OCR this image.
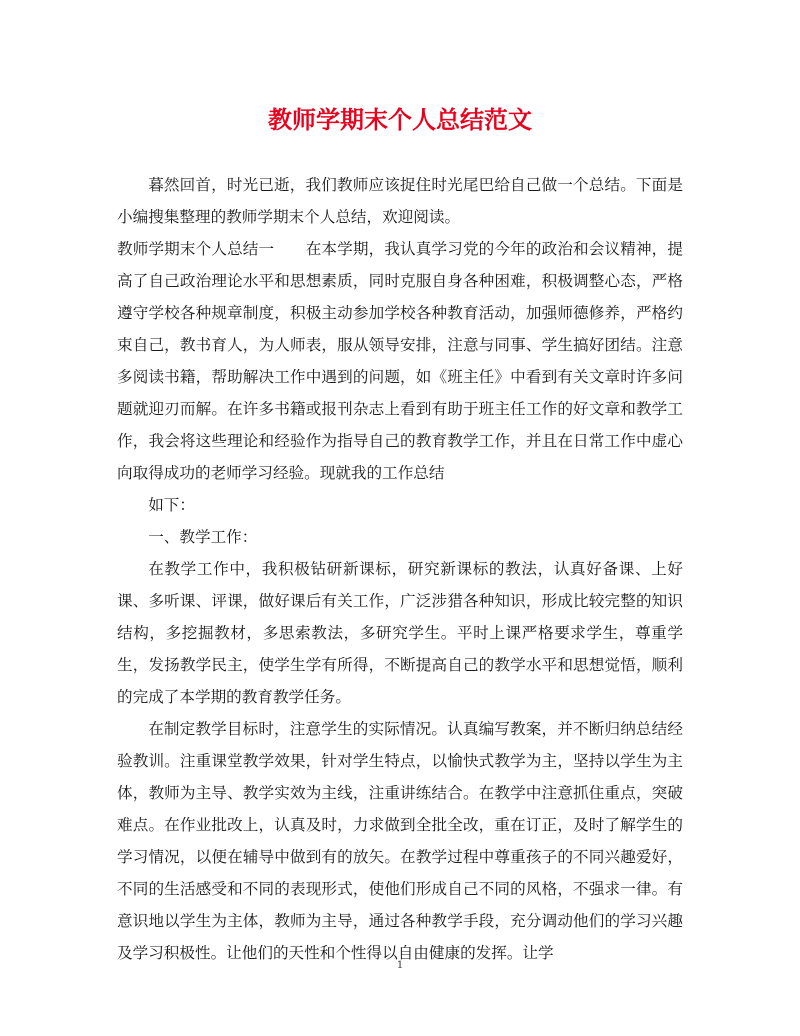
教师学期末个人总结范文

暮然回首，时光已逝，我们教师应该捉住时光尾巴给自己做一个总结。下面是小编搜集整理的教师学期末个人总结，欢迎阅读。

教师学期末个人总结一　　在本学期，我认真学习党的今年的政治和会议精神，提高了自己政治理论水平和思想素质，同时克服自身各种困难，积极调整心态，严格遵守学校各种规章制度，积极主动参加学校各种教育活动，加强师德修养，严格约束自己，教书育人，为人师表，服从领导安排，注意与同事、学生搞好团结。注意多阅读书籍，帮助解决工作中遇到的问题，如《班主任》中看到有关文章时许多问题就迎刃而解。在许多书籍或报刊杂志上看到有助于班主任工作的好文章和教学工作，我会将这些理论和经验作为指导自己的教育教学工作，并且在日常工作中虚心向取得成功的老师学习经验。现就我的工作总结

如下：

一、教学工作：

在教学工作中，我积极钻研新课标，研究新课标的教法，认真好备课、上好课、多听课、评课，做好课后有关工作，广泛涉猎各种知识，形成比较完整的知识结构，多挖掘教材，多思索教法，多研究学生。平时上课严格要求学生，尊重学生，发扬教学民主，使学生学有所得，不断提高自己的教学水平和思想觉悟，顺利的完成了本学期的教育教学任务。

在制定教学目标时，注意学生的实际情况。认真编写教案，并不断归纳总结经验教训。注重课堂教学效果，针对学生特点，以愉快式教学为主，坚持以学生为主体，教师为主导、教学实效为主线，注重讲练结合。在教学中注意抓住重点，突破难点。在作业批改上，认真及时，力求做到全批全改，重在订正，及时了解学生的学习情况，以便在辅导中做到有的放矢。在教学过程中尊重孩子的不同兴趣爱好，不同的生活感受和不同的表现形式，使他们形成自己不同的风格，不强求一律。有意识地以学生为主体，教师为主导，通过各种教学手段，充分调动他们的学习兴趣及学习积极性。让他们的天性和个性得以自由健康的发挥。让学

1
